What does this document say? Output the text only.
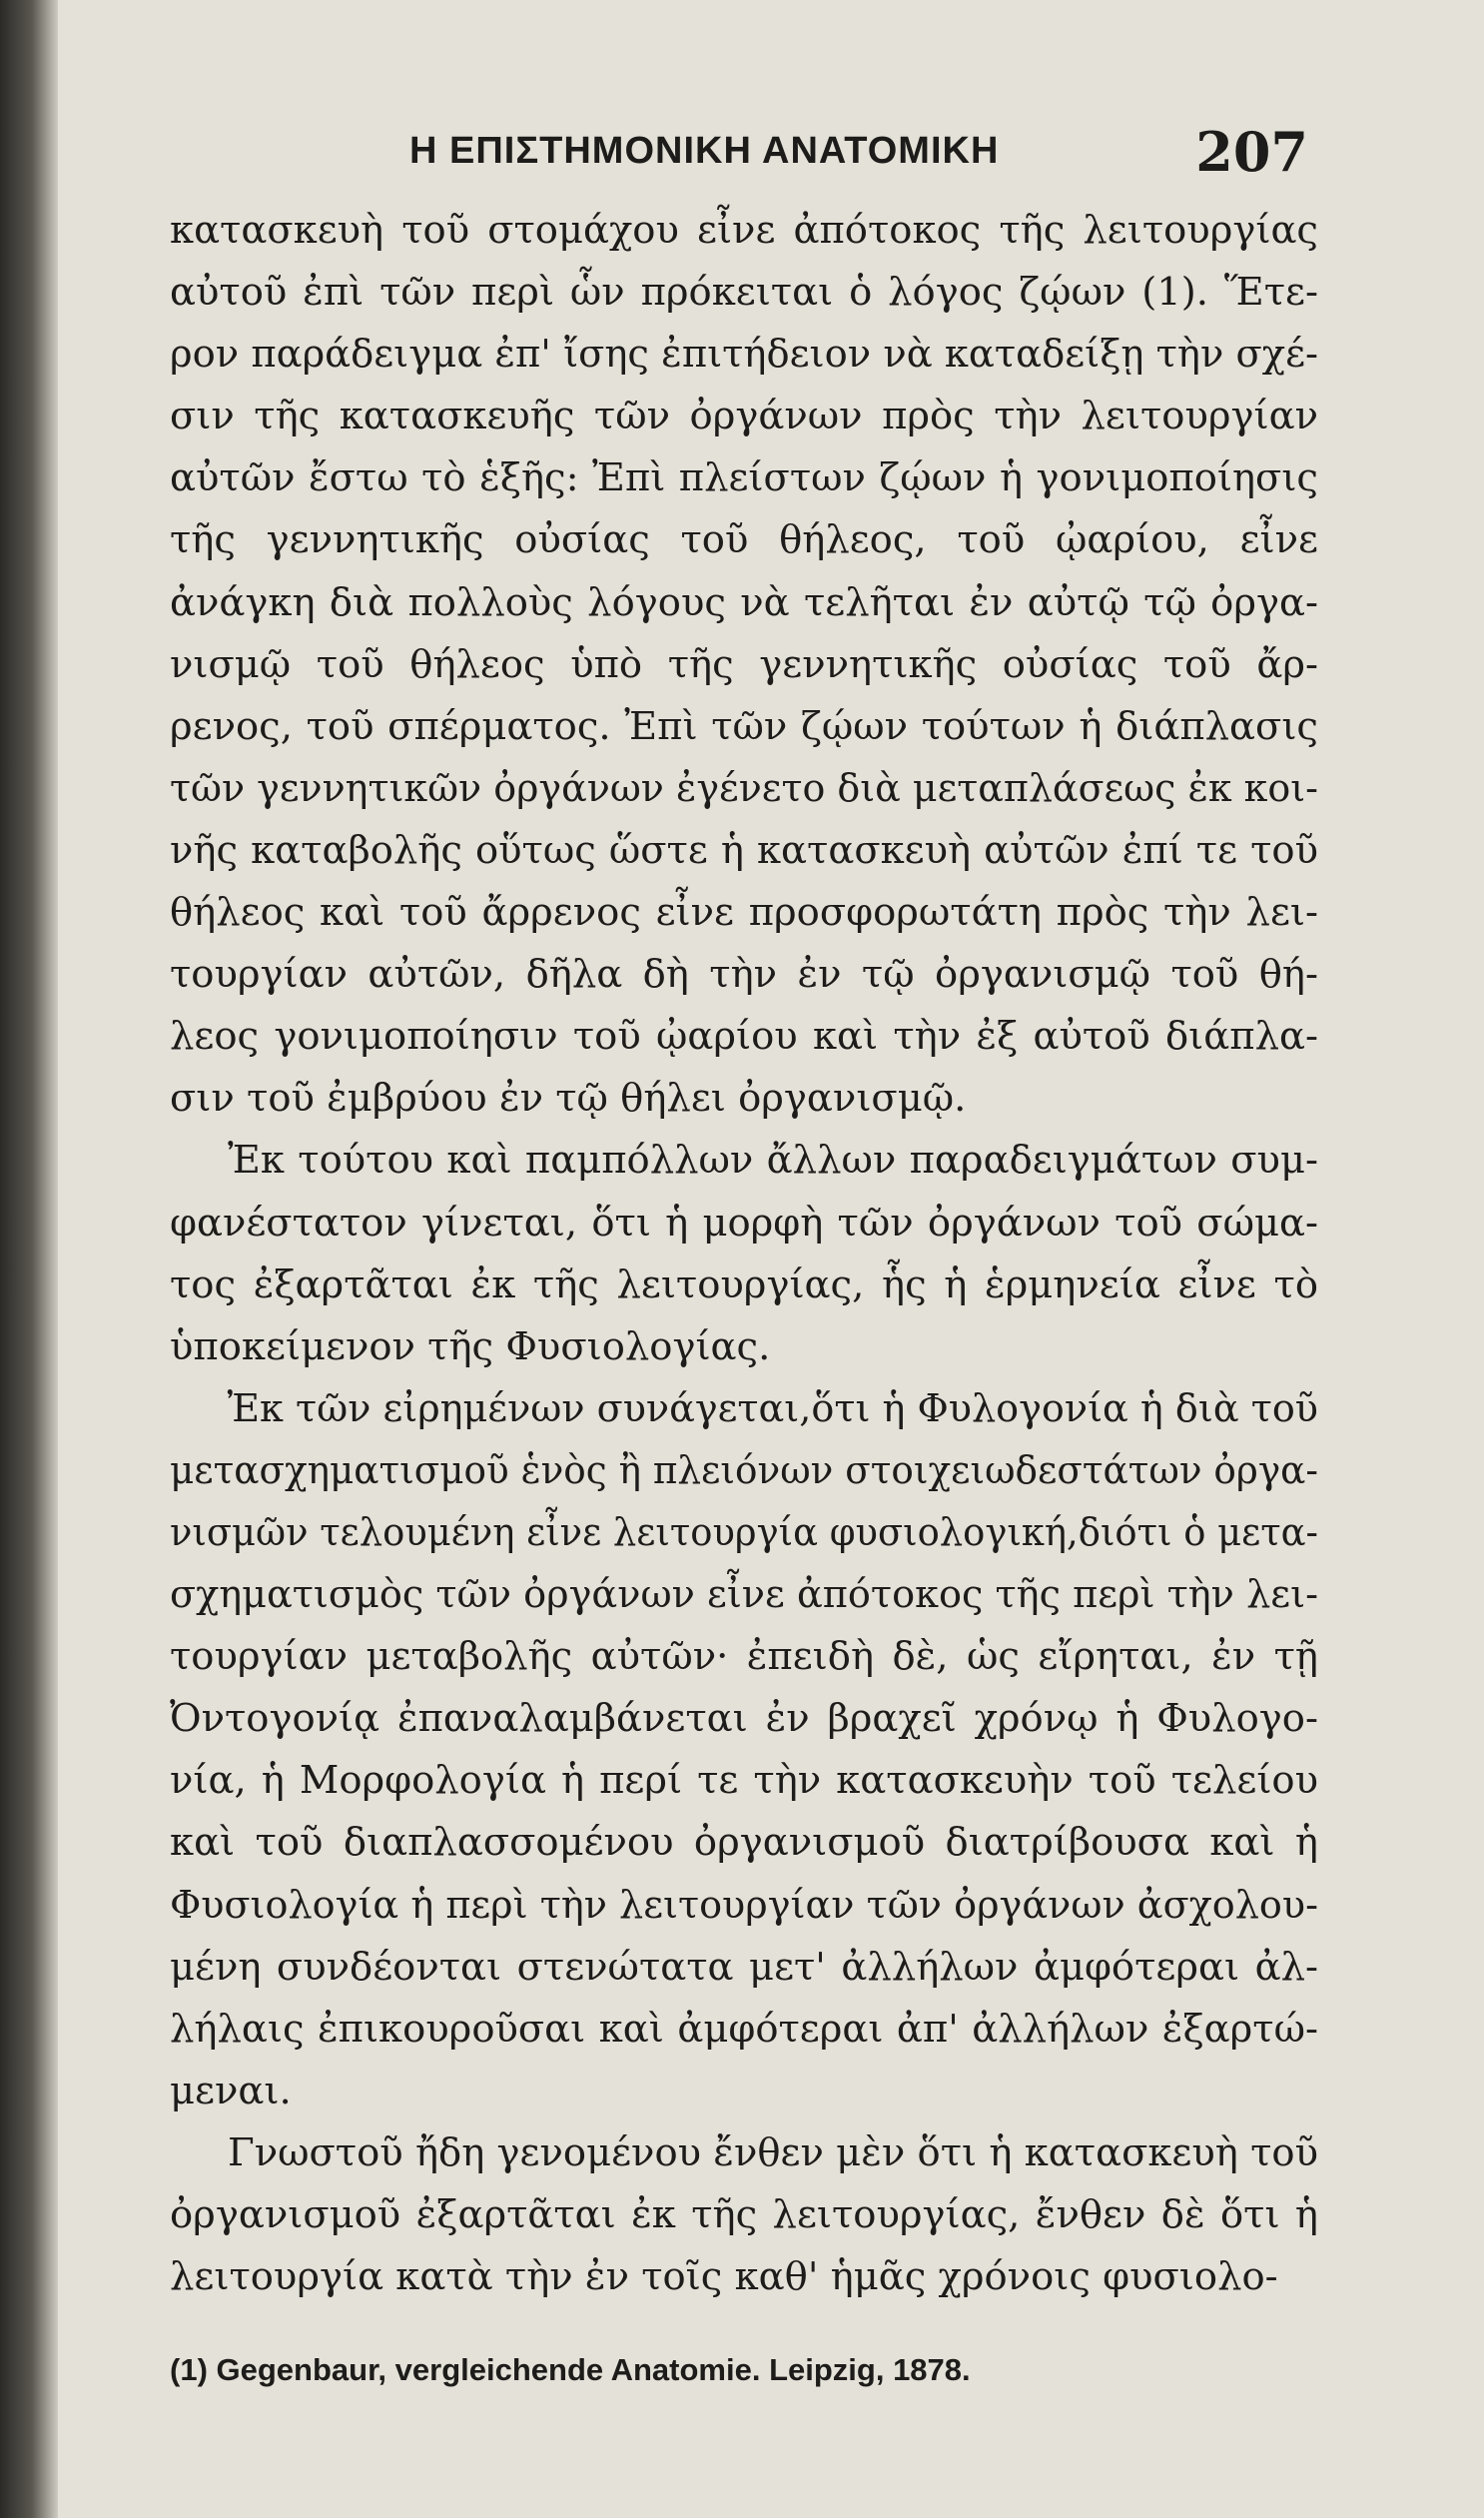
Η ΕΠΙΣΤΗΜΟΝΙΚΗ ΑΝΑΤΟΜΙΚΗ	207
κατασκευὴ τοῦ στομάχου εἶνε ἀπότοκος τῆς λειτουργίας
αὐτοῦ ἐπὶ τῶν περὶ ὧν πρόκειται ὁ λόγος ζῴων (1). Ἕτε-
ρον παράδειγμα ἐπ' ἴσης ἐπιτήδειον νὰ καταδείξῃ τὴν σχέ-
σιν τῆς κατασκευῆς τῶν ὀργάνων πρὸς τὴν λειτουργίαν
αὐτῶν ἔστω τὸ ἑξῆς: Ἐπὶ πλείστων ζῴων ἡ γονιμοποίησις
τῆς γεννητικῆς οὐσίας τοῦ θήλεος, τοῦ ᾠαρίου, εἶνε
ἀνάγκη διὰ πολλοὺς λόγους νὰ τελῆται ἐν αὐτῷ τῷ ὀργα-
νισμῷ τοῦ θήλεος ὑπὸ τῆς γεννητικῆς οὐσίας τοῦ ἄρ-
ρενος, τοῦ σπέρματος. Ἐπὶ τῶν ζῴων τούτων ἡ διάπλασις
τῶν γεννητικῶν ὀργάνων ἐγένετο διὰ μεταπλάσεως ἐκ κοι-
νῆς καταβολῆς οὕτως ὥστε ἡ κατασκευὴ αὐτῶν ἐπί τε τοῦ
θήλεος καὶ τοῦ ἄρρενος εἶνε προσφορωτάτη πρὸς τὴν λει-
τουργίαν αὐτῶν, δῆλα δὴ τὴν ἐν τῷ ὀργανισμῷ τοῦ θή-
λεος γονιμοποίησιν τοῦ ᾠαρίου καὶ τὴν ἐξ αὐτοῦ διάπλα-
σιν τοῦ ἐμβρύου ἐν τῷ θήλει ὀργανισμῷ.
Ἐκ τούτου καὶ παμπόλλων ἄλλων παραδειγμάτων συμ-
φανέστατον γίνεται, ὅτι ἡ μορφὴ τῶν ὀργάνων τοῦ σώμα-
τος ἐξαρτᾶται ἐκ τῆς λειτουργίας, ἧς ἡ ἑρμηνεία εἶνε τὸ
ὑποκείμενον τῆς Φυσιολογίας.
Ἐκ τῶν εἰρημένων συνάγεται,ὅτι ἡ Φυλογονία ἡ διὰ τοῦ
μετασχηματισμοῦ ἑνὸς ἢ πλειόνων στοιχειωδεστάτων ὀργα-
νισμῶν τελουμένη εἶνε λειτουργία φυσιολογική,διότι ὁ μετα-
σχηματισμὸς τῶν ὀργάνων εἶνε ἀπότοκος τῆς περὶ τὴν λει-
τουργίαν μεταβολῆς αὐτῶν· ἐπειδὴ δὲ, ὡς εἴρηται, ἐν τῇ
Ὀντογονίᾳ ἐπαναλαμβάνεται ἐν βραχεῖ χρόνῳ ἡ Φυλογο-
νία, ἡ Μορφολογία ἡ περί τε τὴν κατασκευὴν τοῦ τελείου
καὶ τοῦ διαπλασσομένου ὀργανισμοῦ διατρίβουσα καὶ ἡ
Φυσιολογία ἡ περὶ τὴν λειτουργίαν τῶν ὀργάνων ἀσχολου-
μένη συνδέονται στενώτατα μετ' ἀλλήλων ἀμφότεραι ἀλ-
λήλαις ἐπικουροῦσαι καὶ ἀμφότεραι ἀπ' ἀλλήλων ἐξαρτώ-
μεναι.
Γνωστοῦ ἤδη γενομένου ἔνθεν μὲν ὅτι ἡ κατασκευὴ τοῦ
ὀργανισμοῦ ἐξαρτᾶται ἐκ τῆς λειτουργίας, ἔνθεν δὲ ὅτι ἡ
λειτουργία κατὰ τὴν ἐν τοῖς καθ' ἡμᾶς χρόνοις φυσιολο-
(1) Gegenbaur, vergleichende Anatomie. Leipzig, 1878.
